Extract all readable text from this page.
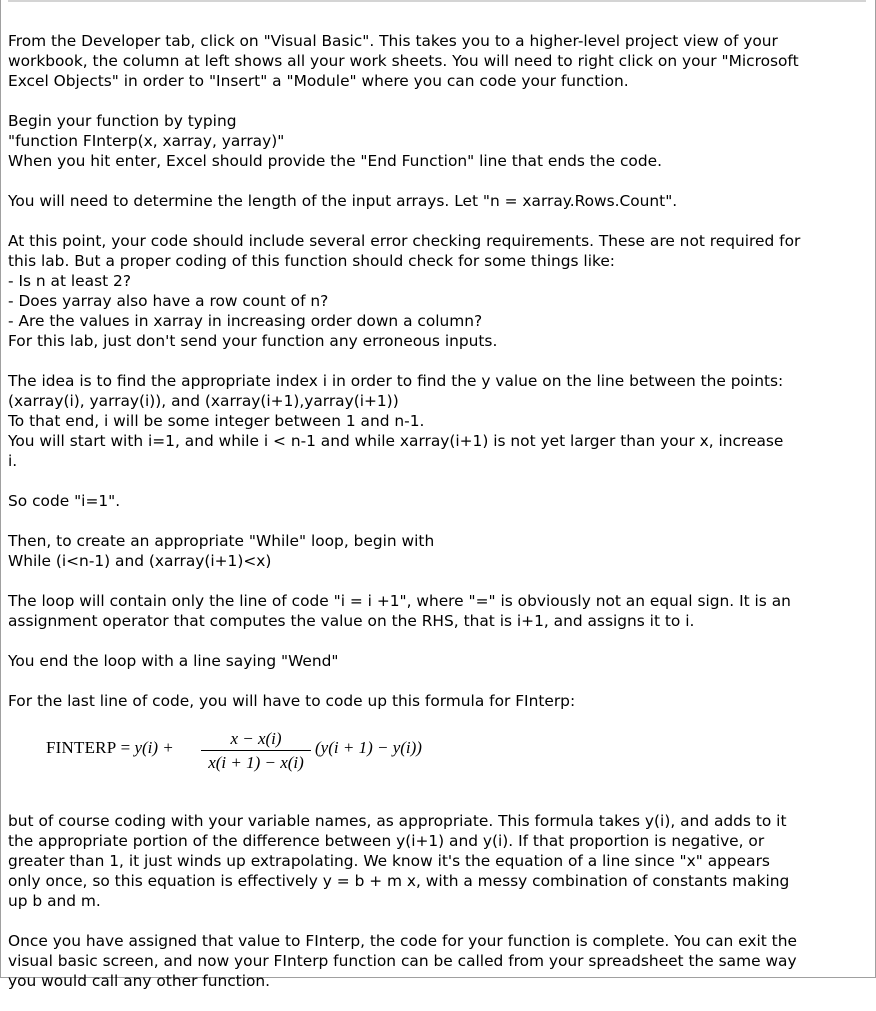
From the Developer tab, click on "Visual Basic". This takes you to a higher-level project view of your
workbook, the column at left shows all your work sheets. You will need to right click on your "Microsoft
Excel Objects" in order to "Insert" a "Module" where you can code your function.
Begin your function by typing
"function FInterp(x, xarray, yarray)"
When you hit enter, Excel should provide the "End Function" line that ends the code.
You will need to determine the length of the input arrays. Let "n = xarray.Rows.Count".
At this point, your code should include several error checking requirements. These are not required for
this lab. But a proper coding of this function should check for some things like:
- Is n at least 2?
- Does yarray also have a row count of n?
- Are the values in xarray in increasing order down a column?
For this lab, just don't send your function any erroneous inputs.
The idea is to find the appropriate index i in order to find the y value on the line between the points:
(xarray(i), yarray(i)), and (xarray(i+1),yarray(i+1))
To that end, i will be some integer between 1 and n-1.
You will start with i=1, and while i < n-1 and while xarray(i+1) is not yet larger than your x, increase
i.
So code "i=1".
Then, to create an appropriate "While" loop, begin with
While (i<n-1) and (xarray(i+1)<x)
The loop will contain only the line of code "i = i +1", where "=" is obviously not an equal sign. It is an
assignment operator that computes the value on the RHS, that is i+1, and assigns it to i.
You end the loop with a line saying "Wend"
For the last line of code, you will have to code up this formula for FInterp:
FINTERP = y(i) +	x − x(i)
x(i + 1) − x(i)
(y(i + 1) − y(i))
but of course coding with your variable names, as appropriate. This formula takes y(i), and adds to it
the appropriate portion of the difference between y(i+1) and y(i). If that proportion is negative, or
greater than 1, it just winds up extrapolating. We know it's the equation of a line since "x" appears
only once, so this equation is effectively y = b + m x, with a messy combination of constants making
up b and m.
Once you have assigned that value to FInterp, the code for your function is complete. You can exit the
visual basic screen, and now your FInterp function can be called from your spreadsheet the same way
you would call any other function.
